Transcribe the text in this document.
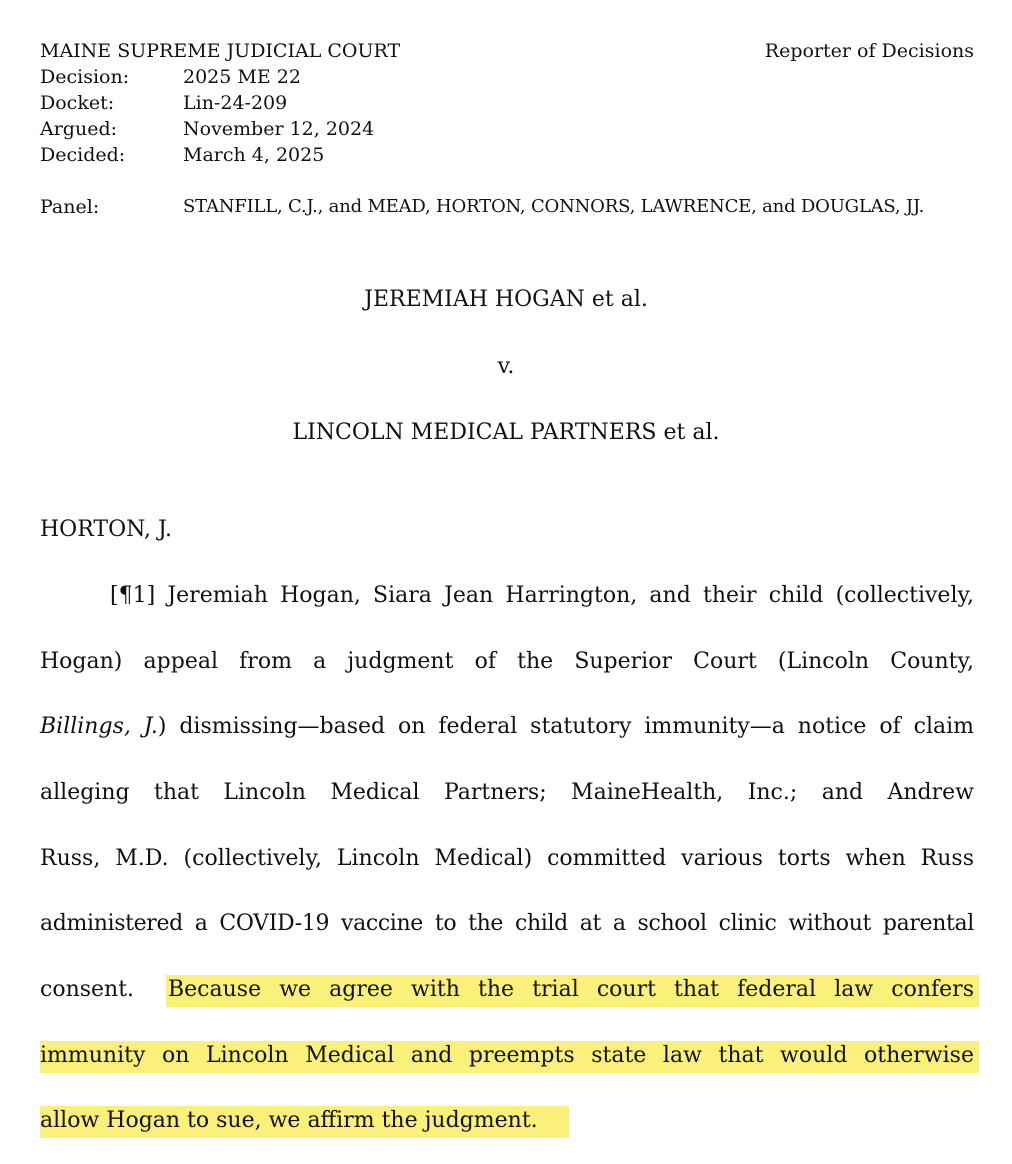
MAINE SUPREME JUDICIAL COURT	Reporter of Decisions
Decision:	2025 ME 22
Docket:	Lin-24-209
Argued:	November 12, 2024
Decided:	March 4, 2025
Panel:	STANFILL, C.J., and MEAD, HORTON, CONNORS, LAWRENCE, and DOUGLAS, JJ.
JEREMIAH HOGAN et al.
v.
LINCOLN MEDICAL PARTNERS et al.
HORTON, J.
[¶1] Jeremiah Hogan, Siara Jean Harrington, and their child (collectively,
Hogan) appeal from a judgment of the Superior Court (Lincoln County,
Billings, J.) dismissing—based on federal statutory immunity—a notice of claim
alleging that Lincoln Medical Partners; MaineHealth, Inc.; and Andrew
Russ, M.D. (collectively, Lincoln Medical) committed various torts when Russ
administered a COVID-19 vaccine to the child at a school clinic without parental
consent.	Because we agree with the trial court that federal law confers
immunity on Lincoln Medical and preempts state law that would otherwise
allow Hogan to sue, we affirm the judgment.
